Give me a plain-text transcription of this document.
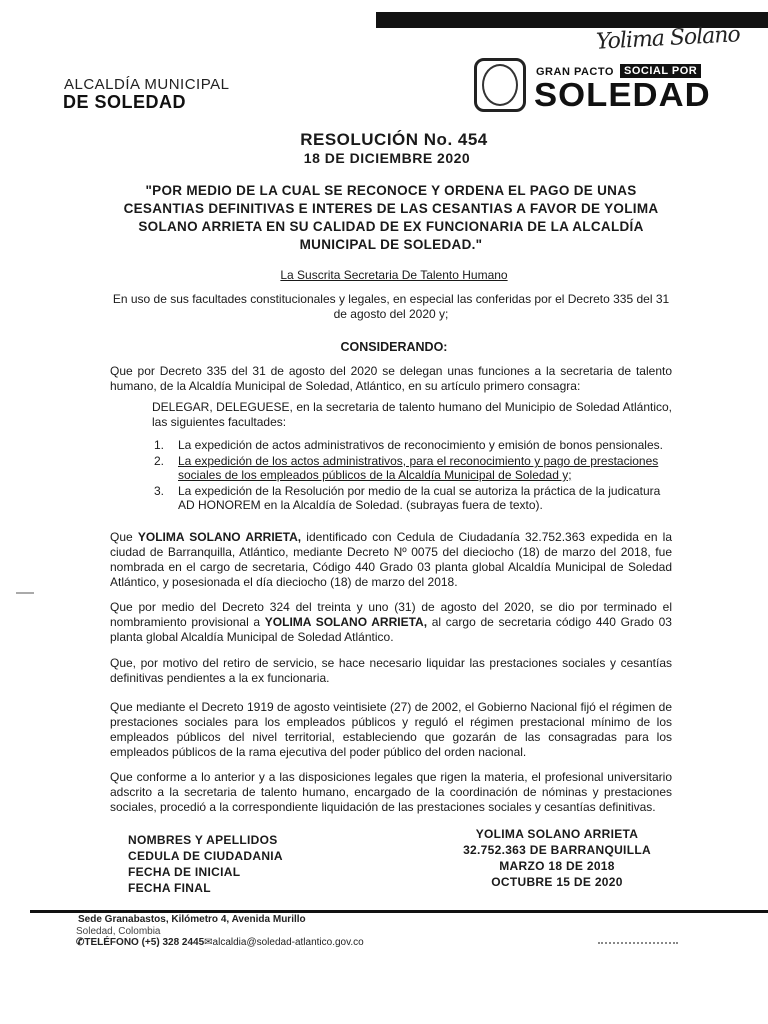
Yolima Solano
ALCALDÍA MUNICIPAL
DE SOLEDAD
GRAN PACTO SOCIAL POR
SOLEDAD
RESOLUCIÓN No. 454
18 DE DICIEMBRE 2020
"POR MEDIO DE LA CUAL SE RECONOCE Y ORDENA EL PAGO DE UNAS CESANTIAS DEFINITIVAS E INTERES DE LAS CESANTIAS A FAVOR DE YOLIMA SOLANO ARRIETA EN SU CALIDAD DE EX FUNCIONARIA DE LA ALCALDÍA MUNICIPAL DE SOLEDAD."
La Suscrita Secretaria De Talento Humano
En uso de sus facultades constitucionales y legales, en especial las conferidas por el Decreto 335 del 31 de agosto del 2020 y;
CONSIDERANDO:
Que por Decreto 335 del 31 de agosto del 2020 se delegan unas funciones a la secretaria de talento humano, de la Alcaldía Municipal de Soledad, Atlántico, en su artículo primero consagra:
DELEGAR, DELEGUESE, en la secretaria de talento humano del Municipio de Soledad Atlántico, las siguientes facultades:
1. La expedición de actos administrativos de reconocimiento y emisión de bonos pensionales.
2. La expedición de los actos administrativos, para el reconocimiento y pago de prestaciones sociales de los empleados públicos de la Alcaldía Municipal de Soledad y;
3. La expedición de la Resolución por medio de la cual se autoriza la práctica de la judicatura AD HONOREM en la Alcaldía de Soledad. (subrayas fuera de texto).
Que YOLIMA SOLANO ARRIETA, identificado con Cedula de Ciudadanía 32.752.363 expedida en la ciudad de Barranquilla, Atlántico, mediante Decreto Nº 0075 del dieciocho (18) de marzo del 2018, fue nombrada en el cargo de secretaria, Código 440 Grado 03 planta global Alcaldía Municipal de Soledad Atlántico, y posesionada el día dieciocho (18) de marzo del 2018.
Que por medio del Decreto 324 del treinta y uno (31) de agosto del 2020, se dio por terminado el nombramiento provisional a YOLIMA SOLANO ARRIETA, al cargo de secretaria código 440 Grado 03 planta global Alcaldía Municipal de Soledad Atlántico.
Que, por motivo del retiro de servicio, se hace necesario liquidar las prestaciones sociales y cesantías definitivas pendientes a la ex funcionaria.
Que mediante el Decreto 1919 de agosto veintisiete (27) de 2002, el Gobierno Nacional fijó el régimen de prestaciones sociales para los empleados públicos y reguló el régimen prestacional mínimo de los empleados públicos del nivel territorial, estableciendo que gozarán de las consagradas para los empleados públicos de la rama ejecutiva del poder público del orden nacional.
Que conforme a lo anterior y a las disposiciones legales que rigen la materia, el profesional universitario adscrito a la secretaria de talento humano, encargado de la coordinación de nóminas y prestaciones sociales, procedió a la correspondiente liquidación de las prestaciones sociales y cesantías definitivas.
NOMBRES Y APELLIDOS
CEDULA DE CIUDADANIA
FECHA DE INICIAL
FECHA FINAL
YOLIMA SOLANO ARRIETA
32.752.363 DE BARRANQUILLA
MARZO 18 DE 2018
OCTUBRE 15 DE 2020
Sede Granabastos, Kilómetro 4, Avenida Murillo
Soledad, Colombia
✆TELÉFONO (+5) 328 2445✉alcaldia@soledad-atlantico.gov.co
